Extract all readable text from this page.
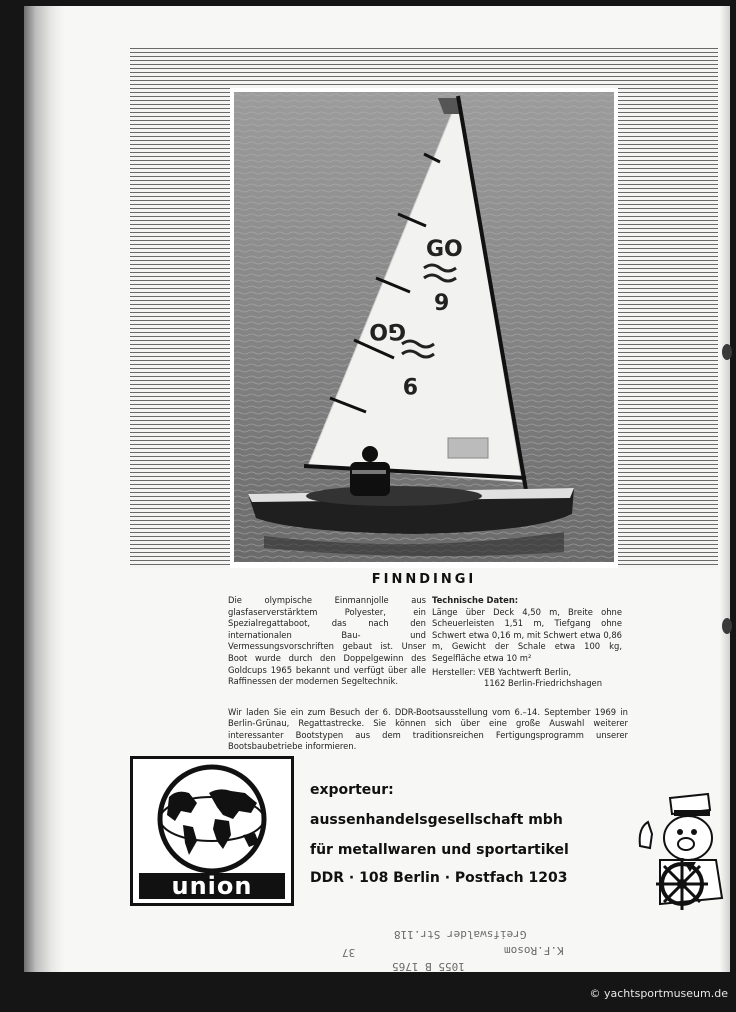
GO
9
GO
9
FINNDINGI
Die olympische Einmannjolle aus glasfaserverstärktem Polyester, ein Spezialregattaboot, das nach den internationalen Bau- und Vermessungsvorschriften gebaut ist. Unser Boot wurde durch den Doppelgewinn des Goldcups 1965 bekannt und verfügt über alle Raffinessen der modernen Segeltechnik.
Technische Daten:
Länge über Deck 4,50 m, Breite ohne Scheuerleisten 1,51 m, Tiefgang ohne Schwert etwa 0,16 m, mit Schwert etwa 0,86 m, Gewicht der Schale etwa 100 kg, Segelfläche etwa 10 m²
Hersteller: VEB Yachtwerft Berlin,
1162 Berlin-Friedrichshagen
Wir laden Sie ein zum Besuch der 6. DDR-Bootsausstellung vom 6.–14. September 1969 in Berlin-Grünau, Regattastrecke. Sie können sich über eine große Auswahl weiterer interessanter Bootstypen aus dem traditionsreichen Fertigungsprogramm unserer Bootsbaubetriebe informieren.
union
exporteur:
aussenhandelsgesellschaft mbh
für metallwaren und sportartikel
DDR · 108 Berlin · Postfach 1203
Greifswalder Str.118
K.F.Rosom
1055 B 1765
37
© yachtsportmuseum.de
